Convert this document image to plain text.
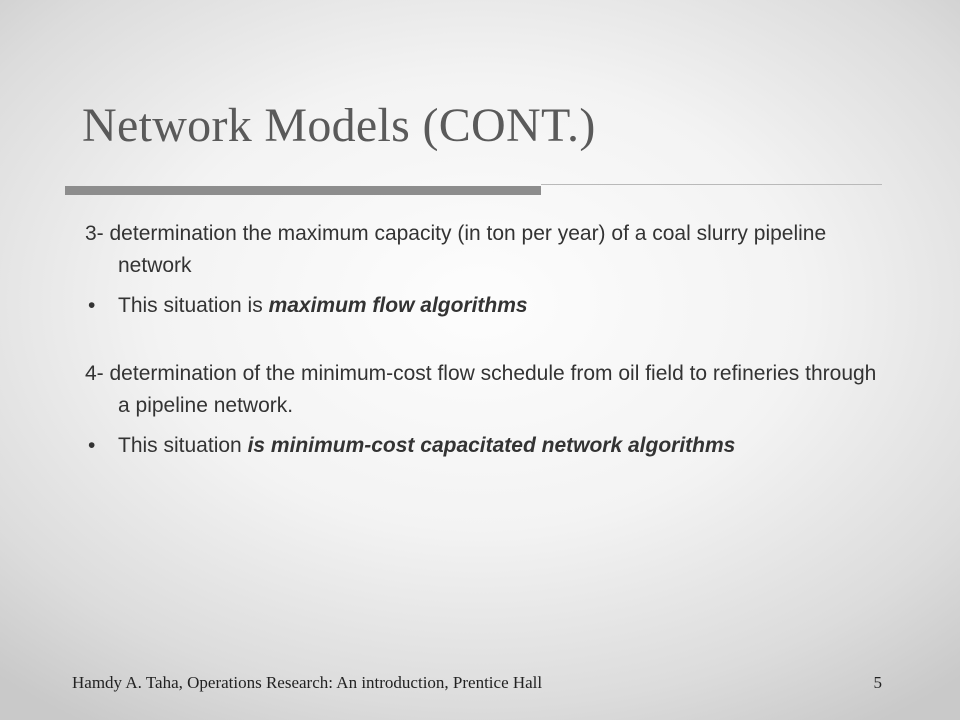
Network Models (CONT.)

3- determination the maximum capacity (in ton per year) of a coal slurry pipeline network

• This situation is maximum flow algorithms

4- determination of the minimum-cost flow schedule from oil field to refineries through a pipeline network.

• This situation is minimum-cost capacitated network algorithms

Hamdy A. Taha, Operations Research: An introduction, Prentice Hall	5
